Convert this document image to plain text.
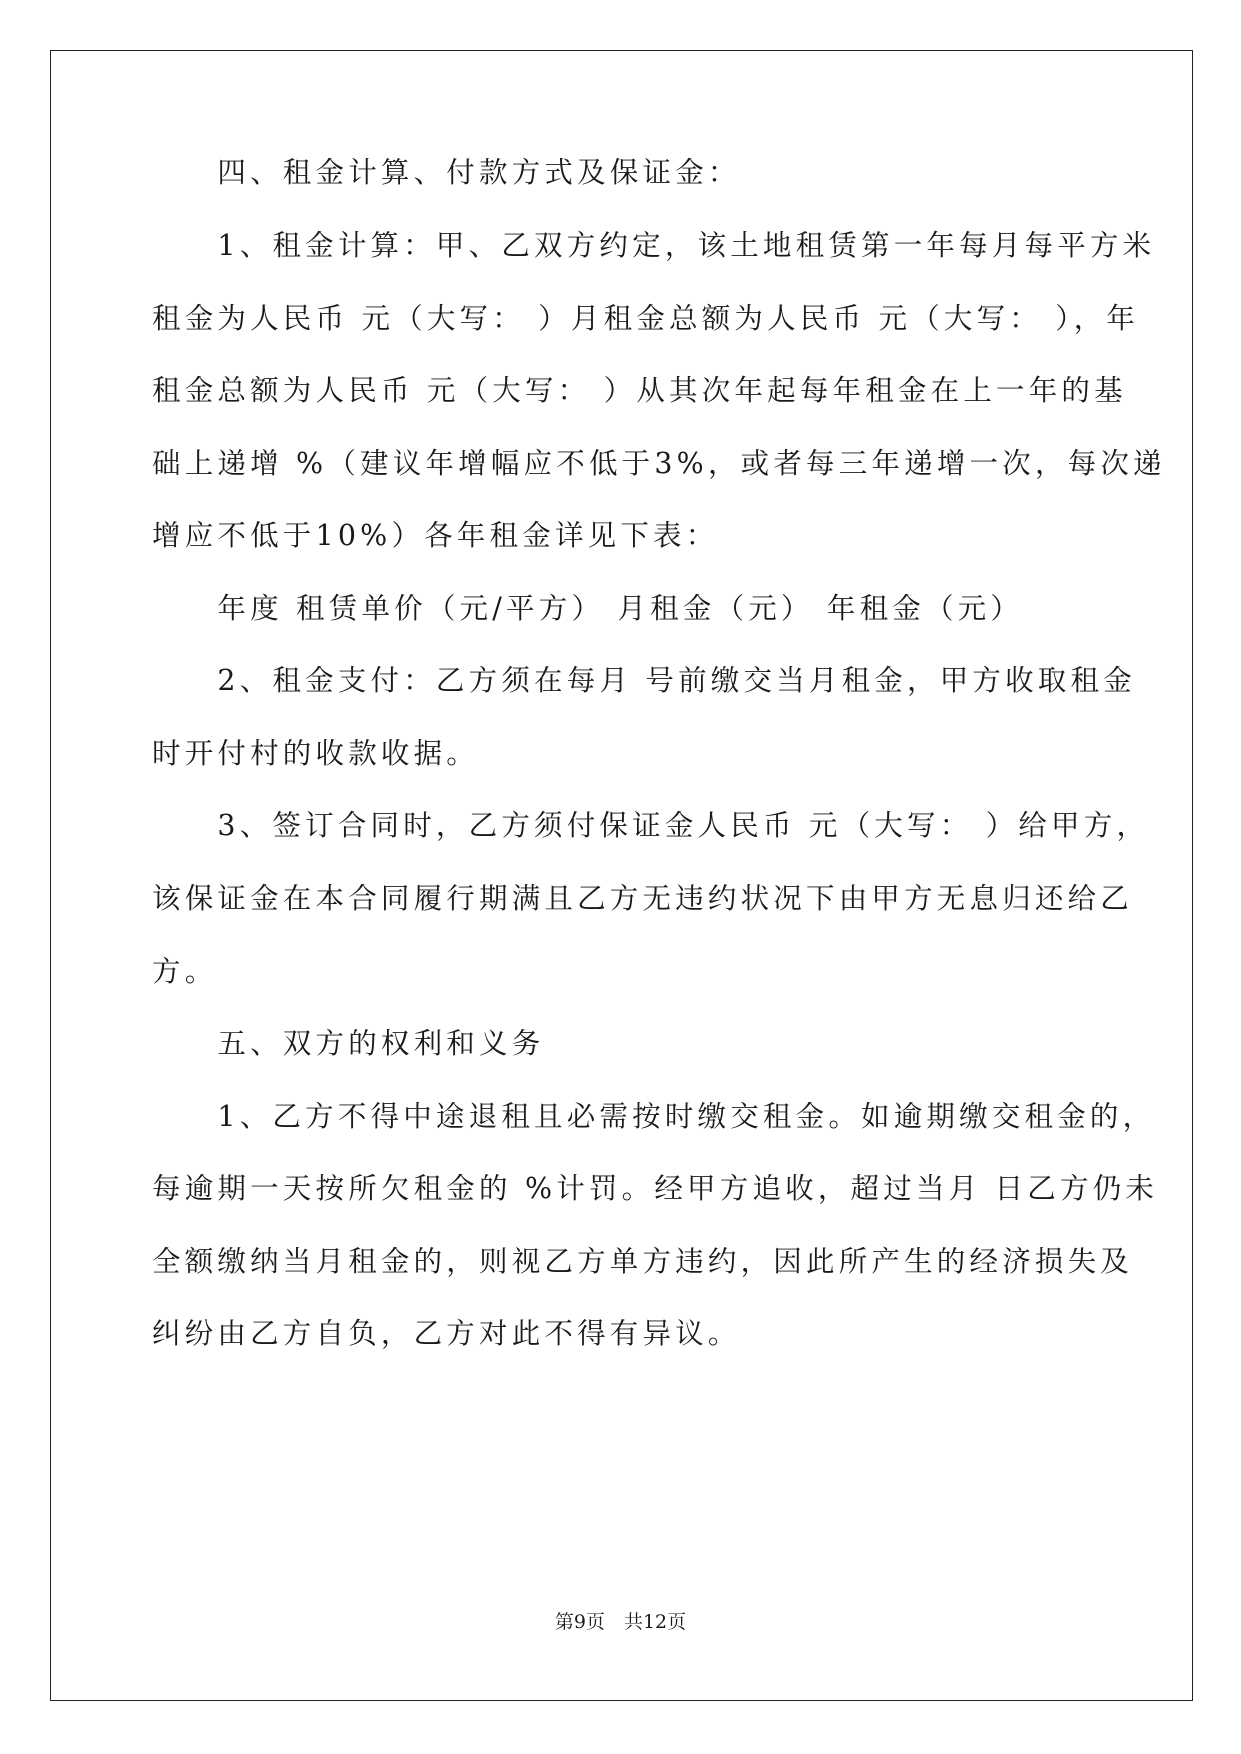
　　四、租金计算、付款方式及保证金：
　　1、租金计算：甲、乙双方约定，该土地租赁第一年每月每平方米
租金为人民币 元（大写： ）月租金总额为人民币 元（大写： ），年
租金总额为人民币 元（大写： ）从其次年起每年租金在上一年的基
础上递增 %（建议年增幅应不低于3%，或者每三年递增一次，每次递
增应不低于10%）各年租金详见下表：
　　年度 租赁单价（元/平方） 月租金（元） 年租金（元）
　　2、租金支付：乙方须在每月 号前缴交当月租金，甲方收取租金
时开付村的收款收据。
　　3、签订合同时，乙方须付保证金人民币 元（大写： ）给甲方，
该保证金在本合同履行期满且乙方无违约状况下由甲方无息归还给乙
方。
　　五、双方的权利和义务
　　1、乙方不得中途退租且必需按时缴交租金。如逾期缴交租金的，
每逾期一天按所欠租金的 %计罚。经甲方追收，超过当月 日乙方仍未
全额缴纳当月租金的，则视乙方单方违约，因此所产生的经济损失及
纠纷由乙方自负，乙方对此不得有异议。
第9页　共12页
